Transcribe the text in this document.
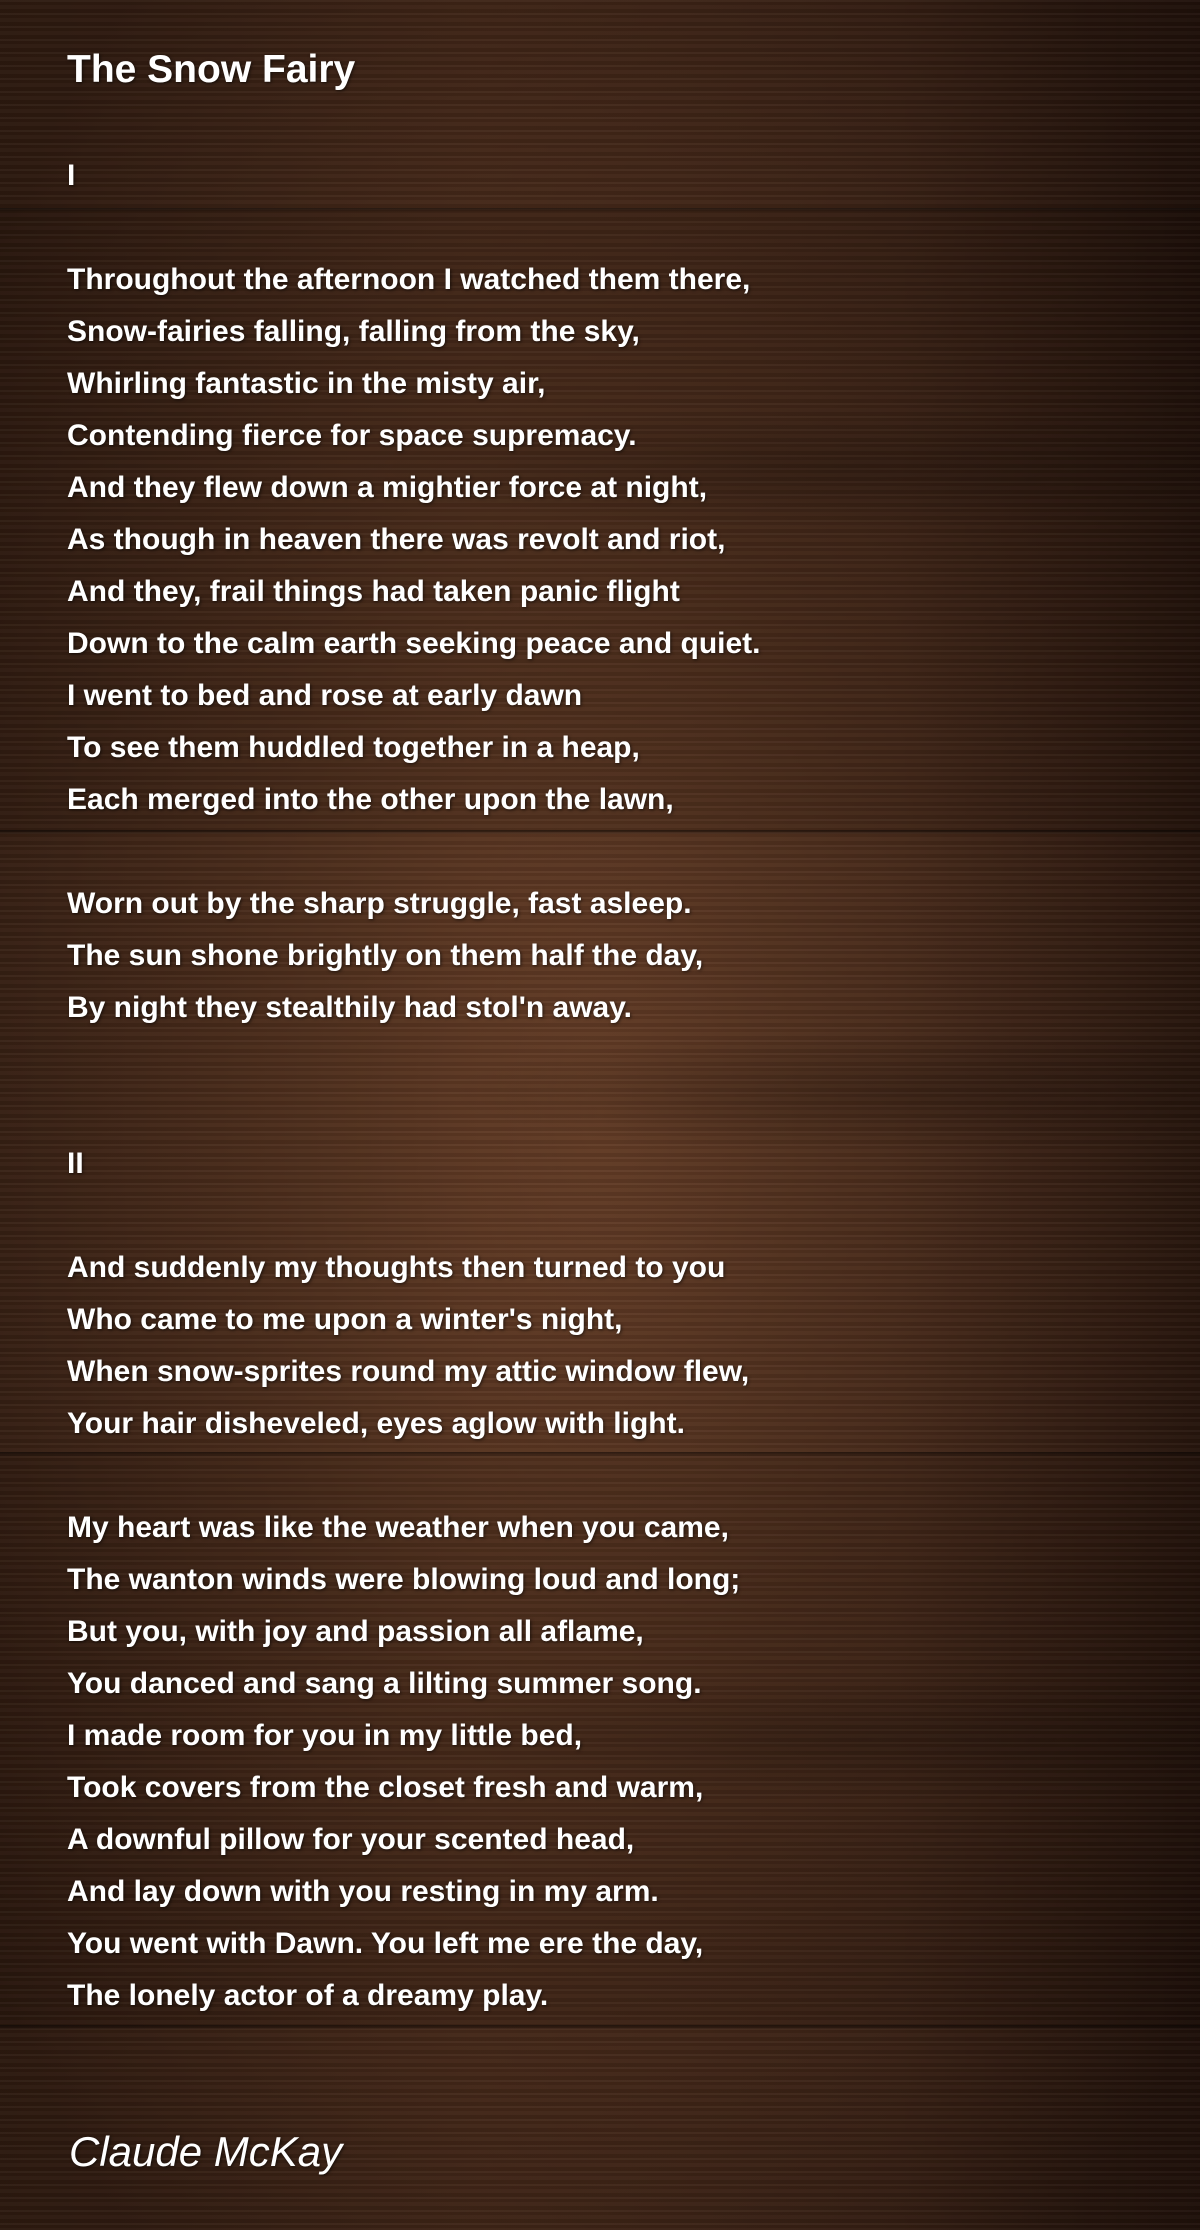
The Snow Fairy
I
Throughout the afternoon I watched them there,
Snow-fairies falling, falling from the sky,
Whirling fantastic in the misty air,
Contending fierce for space supremacy.
And they flew down a mightier force at night,
As though in heaven there was revolt and riot,
And they, frail things had taken panic flight
Down to the calm earth seeking peace and quiet.
I went to bed and rose at early dawn
To see them huddled together in a heap,
Each merged into the other upon the lawn,
Worn out by the sharp struggle, fast asleep.
The sun shone brightly on them half the day,
By night they stealthily had stol'n away.
II
And suddenly my thoughts then turned to you
Who came to me upon a winter's night,
When snow-sprites round my attic window flew,
Your hair disheveled, eyes aglow with light.
My heart was like the weather when you came,
The wanton winds were blowing loud and long;
But you, with joy and passion all aflame,
You danced and sang a lilting summer song.
I made room for you in my little bed,
Took covers from the closet fresh and warm,
A downful pillow for your scented head,
And lay down with you resting in my arm.
You went with Dawn. You left me ere the day,
The lonely actor of a dreamy play.
Claude McKay
